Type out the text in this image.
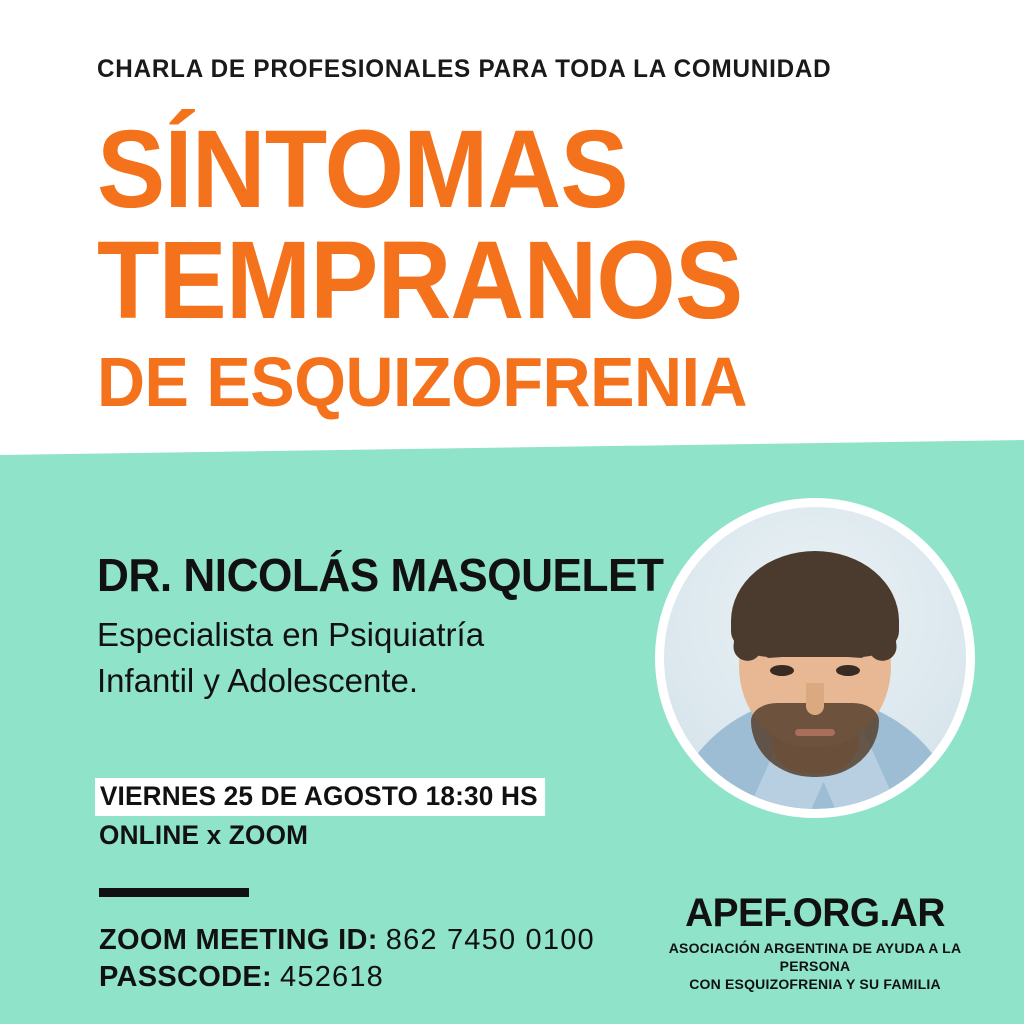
CHARLA DE PROFESIONALES PARA TODA LA COMUNIDAD
SÍNTOMAS
TEMPRANOS
DE ESQUIZOFRENIA
DR. NICOLÁS MASQUELET
Especialista en Psiquiatría
Infantil y Adolescente.
VIERNES 25 DE AGOSTO 18:30 HS
ONLINE x ZOOM
ZOOM MEETING ID: 862 7450 0100
PASSCODE: 452618
APEF.ORG.AR
ASOCIACIÓN ARGENTINA DE AYUDA A LA PERSONA
CON ESQUIZOFRENIA Y SU FAMILIA
